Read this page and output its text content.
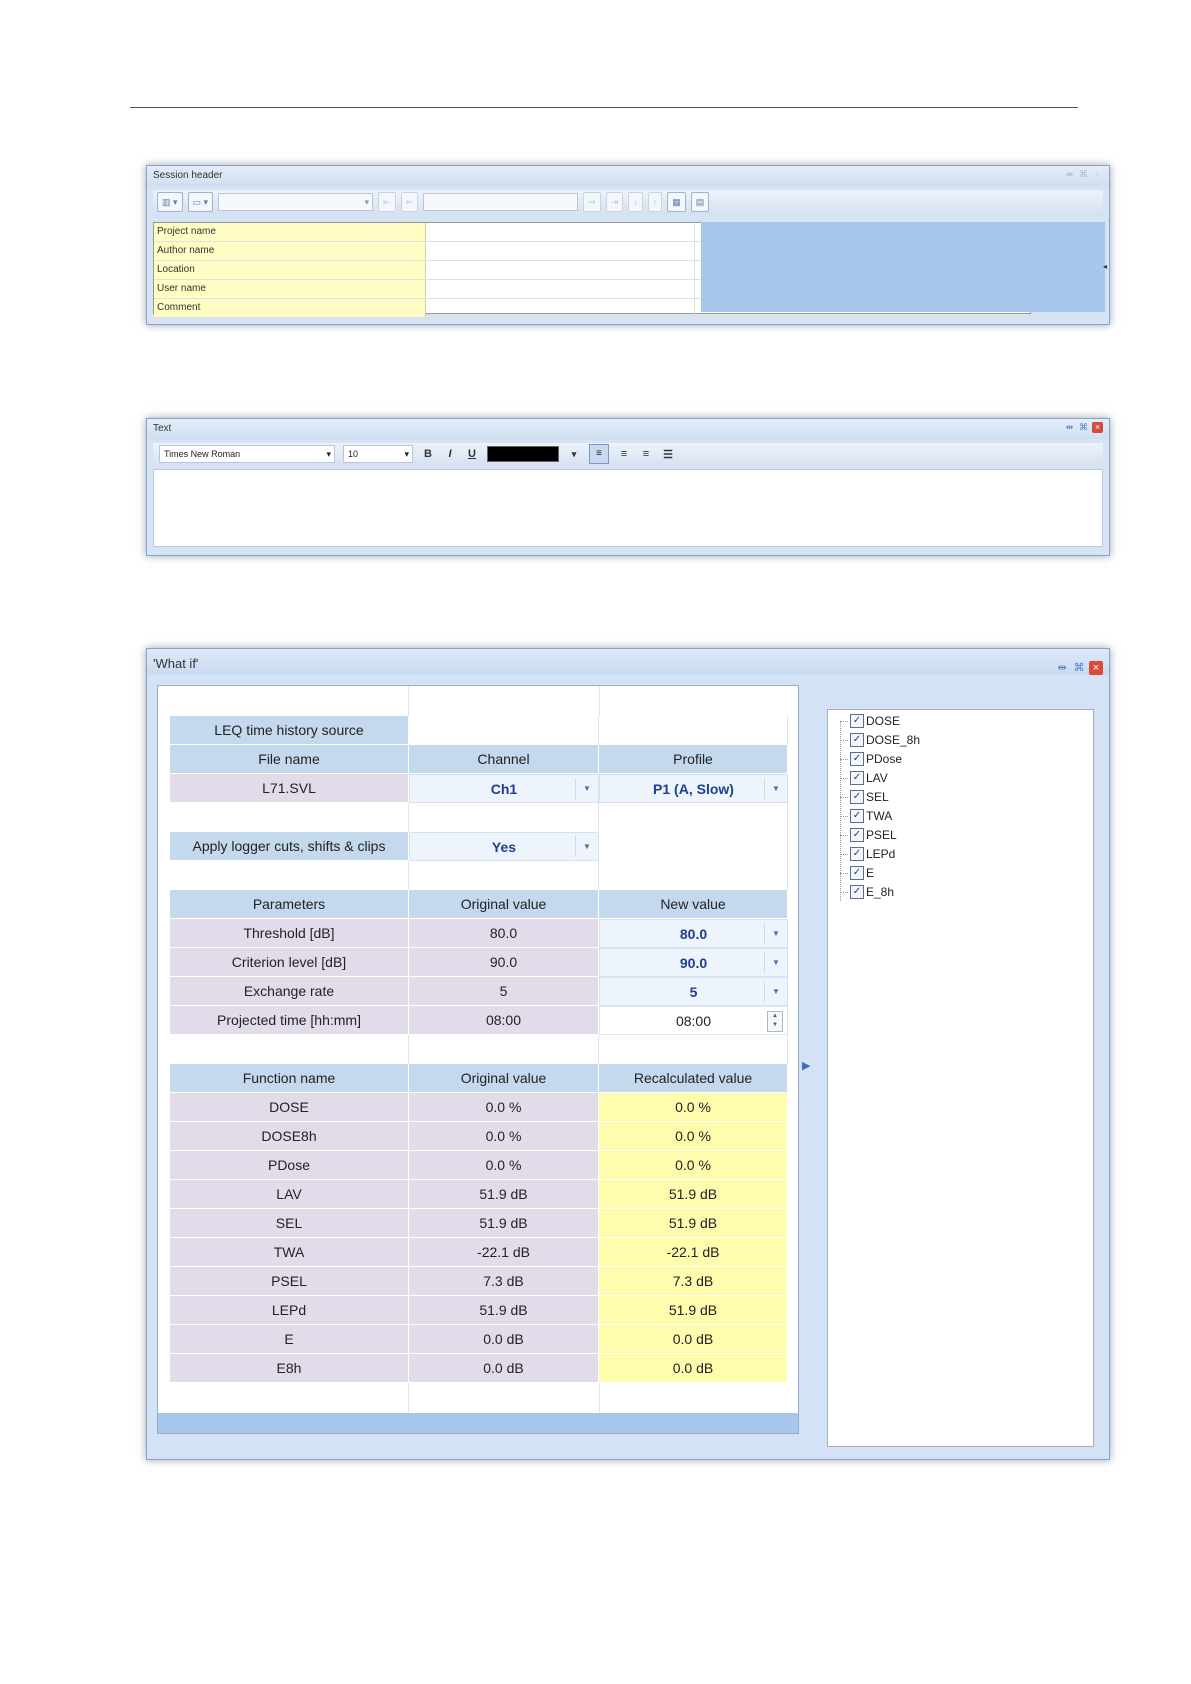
Session header	⇹ ⌘ ▫
▥ ▾	▭ ▾	▾	⇤	⇐	⇒	⇥	↓	↑	▦	▤
Project name
Author name
Location
User name
Comment
◂
Text	⇹ ⌘ ×
Times New Roman ▾	10 ▾	B	I	U	▾	≡	≡	≡	☰
'What if'	⇹ ⌘ ×
LEQ time history source
File name	Channel	Profile
L71.SVL	Ch1	▼	P1 (A, Slow)	▼
Apply logger cuts, shifts & clips	Yes	▼
Parameters	Original value	New value
Threshold [dB]	80.0	80.0	▼
Criterion level [dB]	90.0	90.0	▼
Exchange rate	5	5	▼
Projected time [hh:mm]	08:00	08:00	▲
▼
Function name	Original value	Recalculated value
DOSE	0.0 %	0.0 %
DOSE8h	0.0 %	0.0 %
PDose	0.0 %	0.0 %
LAV	51.9 dB	51.9 dB
SEL	51.9 dB	51.9 dB
TWA	-22.1 dB	-22.1 dB
PSEL	7.3 dB	7.3 dB
LEPd	51.9 dB	51.9 dB
E	0.0 dB	0.0 dB
E8h	0.0 dB	0.0 dB
▶
✓ DOSE
✓ DOSE_8h
✓ PDose
✓ LAV
✓ SEL
✓ TWA
✓ PSEL
✓ LEPd
✓ E
✓ E_8h
